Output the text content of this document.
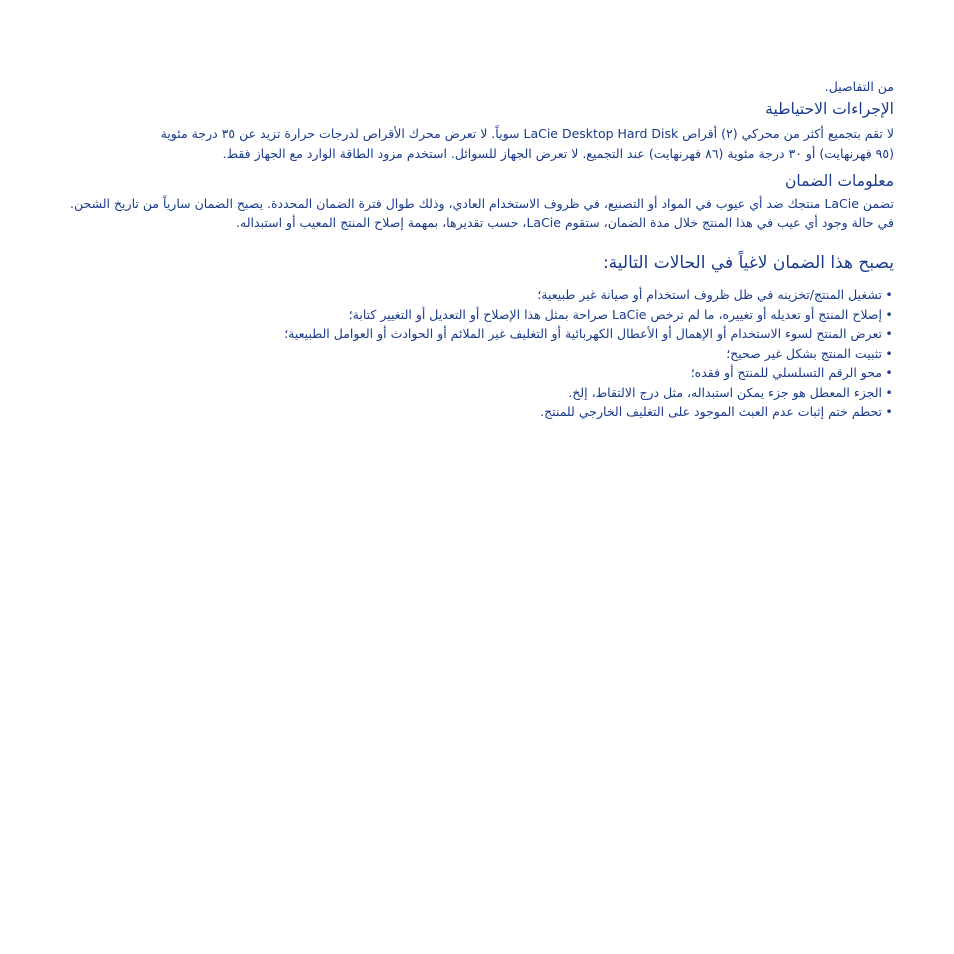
من التفاصيل.
الإجراءات الاحتياطية
لا تقم بتجميع أكثر من محركي (٢) أقراص LaCie Desktop Hard Disk سوياً. لا تعرض محرك الأقراص لدرجات حرارة تزيد عن ٣٥ درجة مئوية
(٩٥ فهرنهايت) أو ٣٠ درجة مئوية (٨٦ فهرنهايت) عند التجميع. لا تعرض الجهاز للسوائل. استخدم مزود الطاقة الوارد مع الجهاز فقط.
معلومات الضمان
تضمن LaCie منتجك ضد أي عيوب في المواد أو التصنيع، في ظروف الاستخدام العادي، وذلك طوال فترة الضمان المحددة. يصبح الضمان سارياً من تاريخ الشحن.
في حالة وجود أي عيب في هذا المنتج خلال مدة الضمان، ستقوم LaCie، حسب تقديرها، بمهمة إصلاح المنتج المعيب أو استبداله.
يصبح هذا الضمان لاغياً في الحالات التالية:
•تشغيل المنتج/تخزينه في ظل ظروف استخدام أو صيانة غير طبيعية؛
•إصلاح المنتج أو تعديله أو تغييره، ما لم ترخص LaCie صراحة بمثل هذا الإصلاح أو التعديل أو التغيير كتابة؛
•تعرض المنتج لسوء الاستخدام أو الإهمال أو الأعطال الكهربائية أو التغليف غير الملائم أو الحوادث أو العوامل الطبيعية؛
•تثبيت المنتج بشكل غير صحيح؛
•محو الرقم التسلسلي للمنتج أو فقده؛
•الجزء المعطل هو جزء يمكن استبداله، مثل درج الالتقاط، إلخ.
•تحطم ختم إثبات عدم العبث الموجود على التغليف الخارجي للمنتج.
